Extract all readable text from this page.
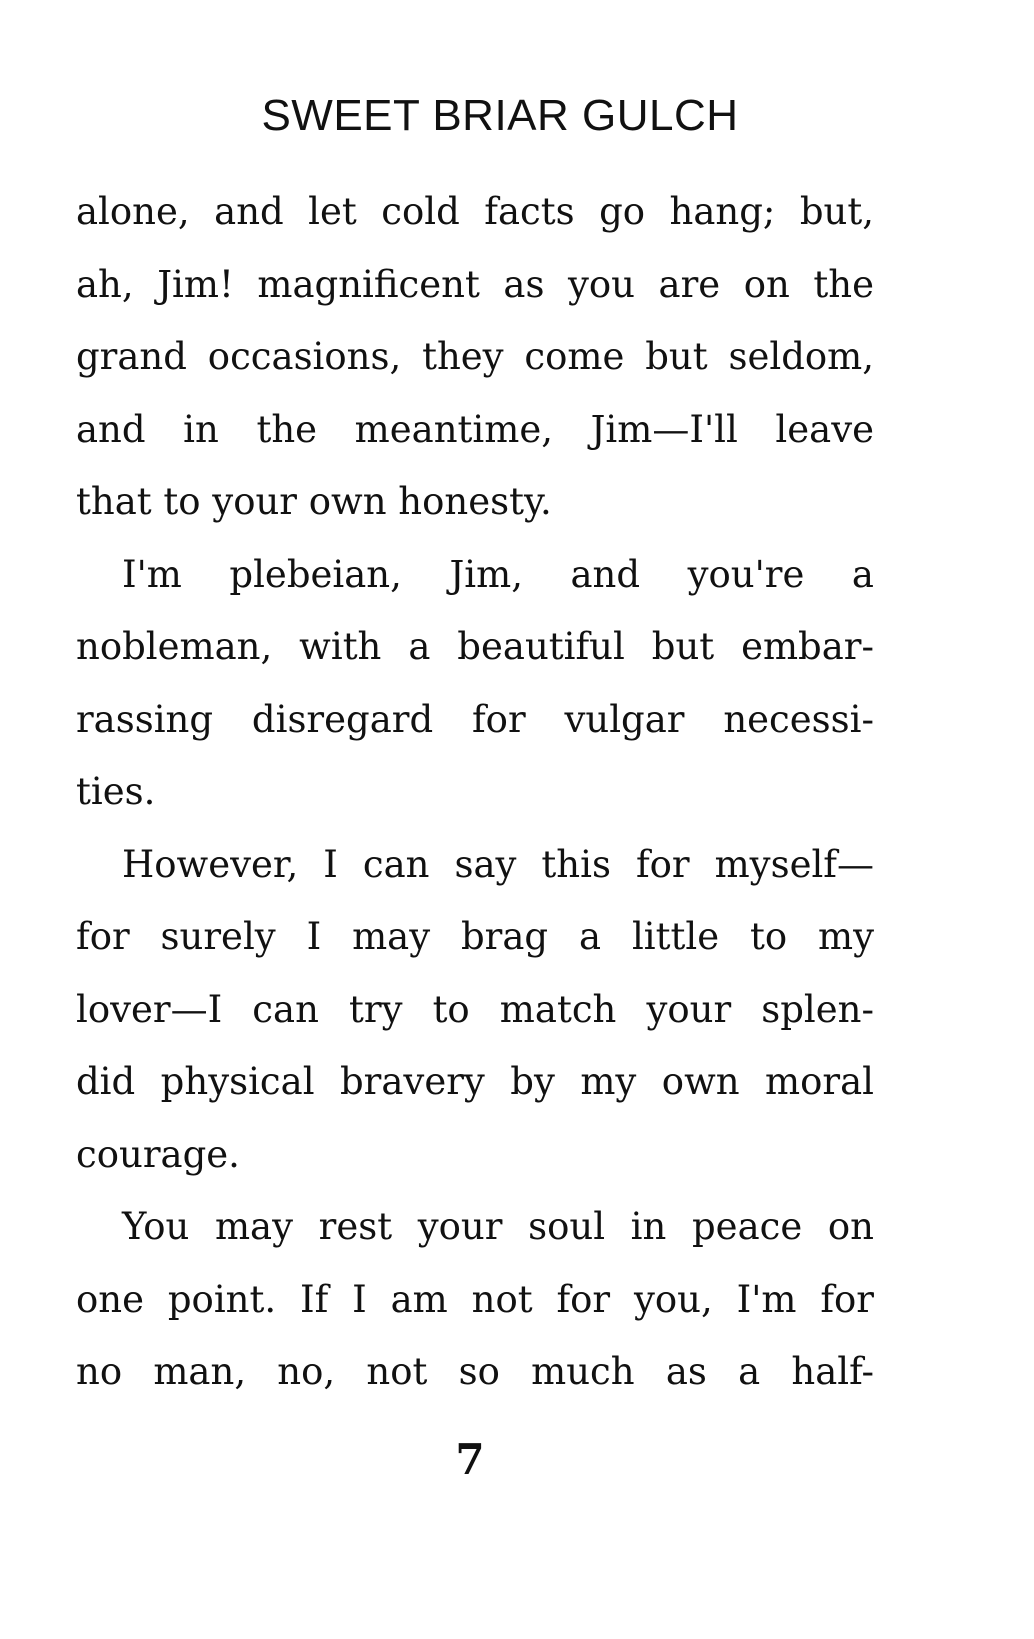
SWEET BRIAR GULCH
alone, and let cold facts go hang; but,
ah, Jim! magnificent as you are on the
grand occasions, they come but seldom,
and in the meantime, Jim—I'll leave
that to your own honesty.
I'm plebeian, Jim, and you're a
nobleman, with a beautiful but embar-
rassing disregard for vulgar necessi-
ties.
However, I can say this for myself—
for surely I may brag a little to my
lover—I can try to match your splen-
did physical bravery by my own moral
courage.
You may rest your soul in peace on
one point. If I am not for you, I'm for
no man, no, not so much as a half-
7
